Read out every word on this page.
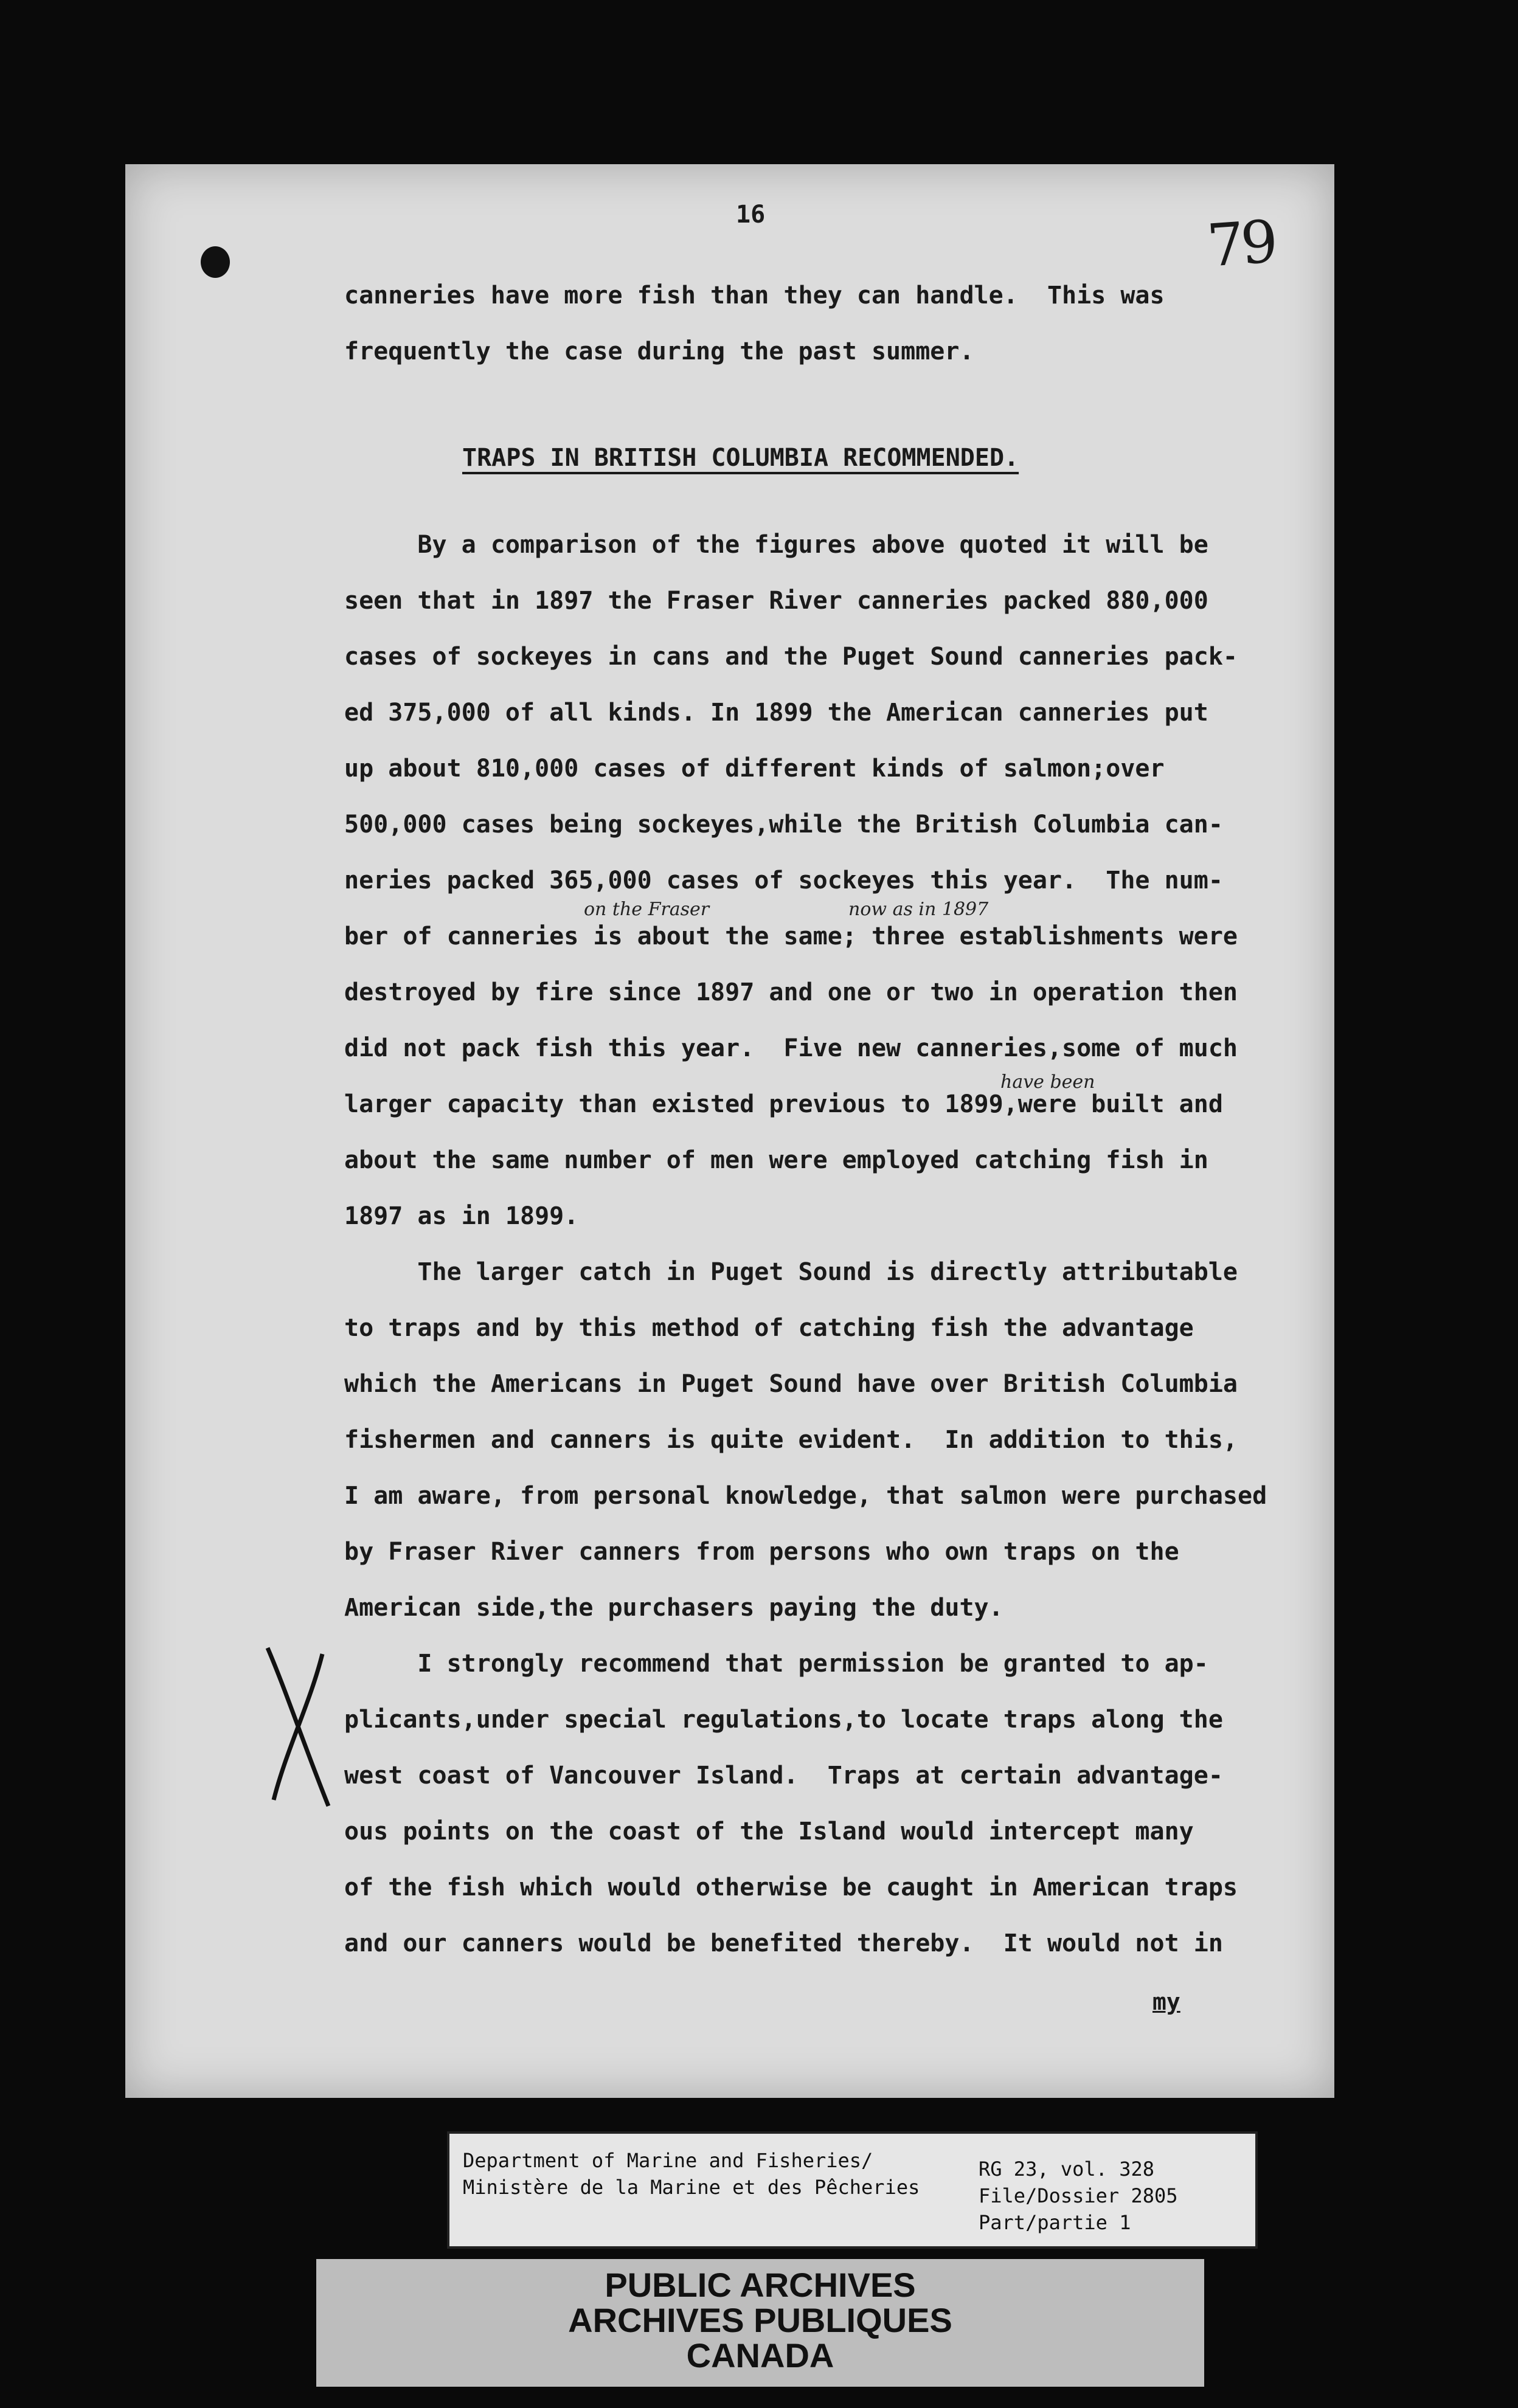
16	79
canneries have more fish than they can handle.  This was
frequently the case during the past summer.
TRAPS IN BRITISH COLUMBIA RECOMMENDED.
By a comparison of the figures above quoted it will be
seen that in 1897 the Fraser River canneries packed 880,000
cases of sockeyes in cans and the Puget Sound canneries pack-
ed 375,000 of all kinds. In 1899 the American canneries put
up about 810,000 cases of different kinds of salmon;over
500,000 cases being sockeyes,while the British Columbia can-
neries packed 365,000 cases of sockeyes this year.  The num-
ber of canneries is about the same; three establishments were
destroyed by fire since 1897 and one or two in operation then
did not pack fish this year.  Five new canneries,some of much
larger capacity than existed previous to 1899,were built and
about the same number of men were employed catching fish in
1897 as in 1899.
The larger catch in Puget Sound is directly attributable
to traps and by this method of catching fish the advantage
which the Americans in Puget Sound have over British Columbia
fishermen and canners is quite evident.  In addition to this,
I am aware, from personal knowledge, that salmon were purchased
by Fraser River canners from persons who own traps on the
American side,the purchasers paying the duty.
I strongly recommend that permission be granted to ap-
plicants,under special regulations,to locate traps along the
west coast of Vancouver Island.  Traps at certain advantage-
ous points on the coast of the Island would intercept many
of the fish which would otherwise be caught in American traps
and our canners would be benefited thereby.  It would not in
on the Fraser	now as in 1897
have been
my
Department of Marine and Fisheries/
Ministère de la Marine et des Pêcheries
RG 23, vol. 328
File/Dossier 2805
Part/partie 1
PUBLIC ARCHIVES
ARCHIVES PUBLIQUES
CANADA
